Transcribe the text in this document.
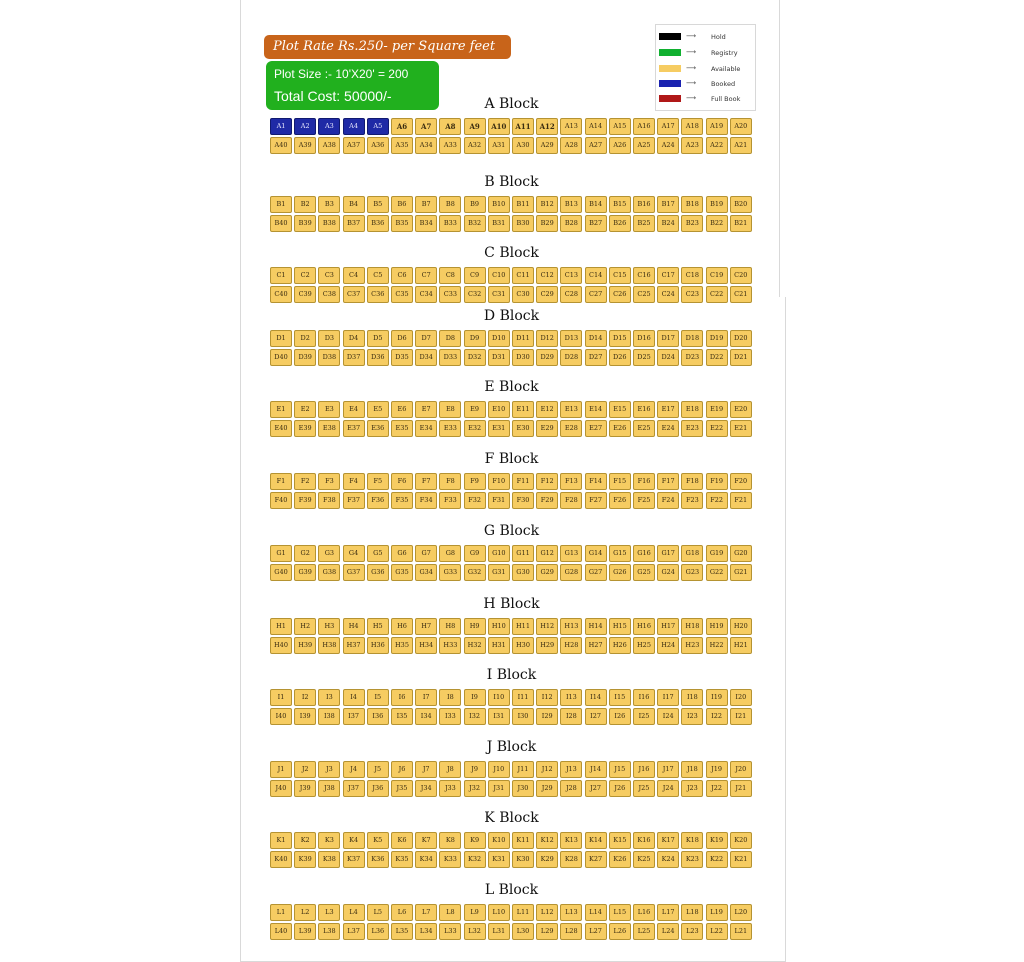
Plot Rate Rs.250- per Square feet
Plot Size :- 10'X20' = 200
Total Cost: 50000/-
⟶ Hold
⟶ Registry
⟶ Available
⟶ Booked
⟶ Full Book
A Block
A1	A2	A3	A4	A5	A6	A7	A8	A9	A10	A11	A12	A13	A14	A15	A16	A17	A18	A19	A20
A40	A39	A38	A37	A36	A35	A34	A33	A32	A31	A30	A29	A28	A27	A26	A25	A24	A23	A22	A21
B Block
B1	B2	B3	B4	B5	B6	B7	B8	B9	B10	B11	B12	B13	B14	B15	B16	B17	B18	B19	B20
B40	B39	B38	B37	B36	B35	B34	B33	B32	B31	B30	B29	B28	B27	B26	B25	B24	B23	B22	B21
C Block
C1	C2	C3	C4	C5	C6	C7	C8	C9	C10	C11	C12	C13	C14	C15	C16	C17	C18	C19	C20
C40	C39	C38	C37	C36	C35	C34	C33	C32	C31	C30	C29	C28	C27	C26	C25	C24	C23	C22	C21
D Block
D1	D2	D3	D4	D5	D6	D7	D8	D9	D10	D11	D12	D13	D14	D15	D16	D17	D18	D19	D20
D40	D39	D38	D37	D36	D35	D34	D33	D32	D31	D30	D29	D28	D27	D26	D25	D24	D23	D22	D21
E Block
E1	E2	E3	E4	E5	E6	E7	E8	E9	E10	E11	E12	E13	E14	E15	E16	E17	E18	E19	E20
E40	E39	E38	E37	E36	E35	E34	E33	E32	E31	E30	E29	E28	E27	E26	E25	E24	E23	E22	E21
F Block
F1	F2	F3	F4	F5	F6	F7	F8	F9	F10	F11	F12	F13	F14	F15	F16	F17	F18	F19	F20
F40	F39	F38	F37	F36	F35	F34	F33	F32	F31	F30	F29	F28	F27	F26	F25	F24	F23	F22	F21
G Block
G1	G2	G3	G4	G5	G6	G7	G8	G9	G10	G11	G12	G13	G14	G15	G16	G17	G18	G19	G20
G40	G39	G38	G37	G36	G35	G34	G33	G32	G31	G30	G29	G28	G27	G26	G25	G24	G23	G22	G21
H Block
H1	H2	H3	H4	H5	H6	H7	H8	H9	H10	H11	H12	H13	H14	H15	H16	H17	H18	H19	H20
H40	H39	H38	H37	H36	H35	H34	H33	H32	H31	H30	H29	H28	H27	H26	H25	H24	H23	H22	H21
I Block
I1	I2	I3	I4	I5	I6	I7	I8	I9	I10	I11	I12	I13	I14	I15	I16	I17	I18	I19	I20
I40	I39	I38	I37	I36	I35	I34	I33	I32	I31	I30	I29	I28	I27	I26	I25	I24	I23	I22	I21
J Block
J1	J2	J3	J4	J5	J6	J7	J8	J9	J10	J11	J12	J13	J14	J15	J16	J17	J18	J19	J20
J40	J39	J38	J37	J36	J35	J34	J33	J32	J31	J30	J29	J28	J27	J26	J25	J24	J23	J22	J21
K Block
K1	K2	K3	K4	K5	K6	K7	K8	K9	K10	K11	K12	K13	K14	K15	K16	K17	K18	K19	K20
K40	K39	K38	K37	K36	K35	K34	K33	K32	K31	K30	K29	K28	K27	K26	K25	K24	K23	K22	K21
L Block
L1	L2	L3	L4	L5	L6	L7	L8	L9	L10	L11	L12	L13	L14	L15	L16	L17	L18	L19	L20
L40	L39	L38	L37	L36	L35	L34	L33	L32	L31	L30	L29	L28	L27	L26	L25	L24	L23	L22	L21
